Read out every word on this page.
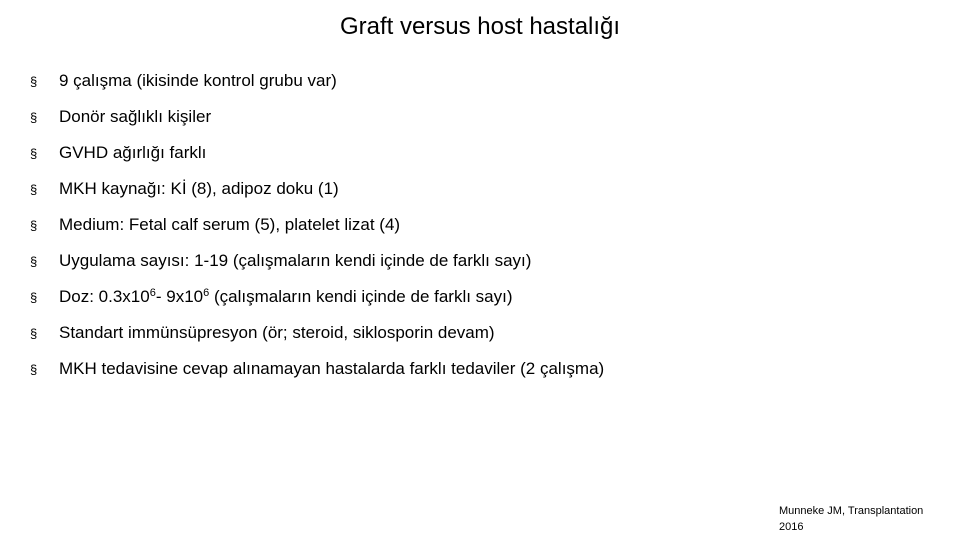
Graft versus host hastalığı
§	9 çalışma (ikisinde kontrol grubu var)
§	Donör sağlıklı kişiler
§	GVHD ağırlığı farklı
§	MKH kaynağı: Kİ (8), adipoz doku (1)
§	Medium: Fetal calf serum (5), platelet lizat (4)
§	Uygulama sayısı: 1-19 (çalışmaların kendi içinde de farklı sayı)
§	Doz: $0.3x10^6-$ $9x10^6$ (çalışmaların kendi içinde de farklı sayı)
§	Standart immünsüpresyon (ör; steroid, siklosporin devam)
§	MKH tedavisine cevap alınamayan hastalarda farklı tedaviler (2 çalışma)
Munneke JM, Transplantation
2016
